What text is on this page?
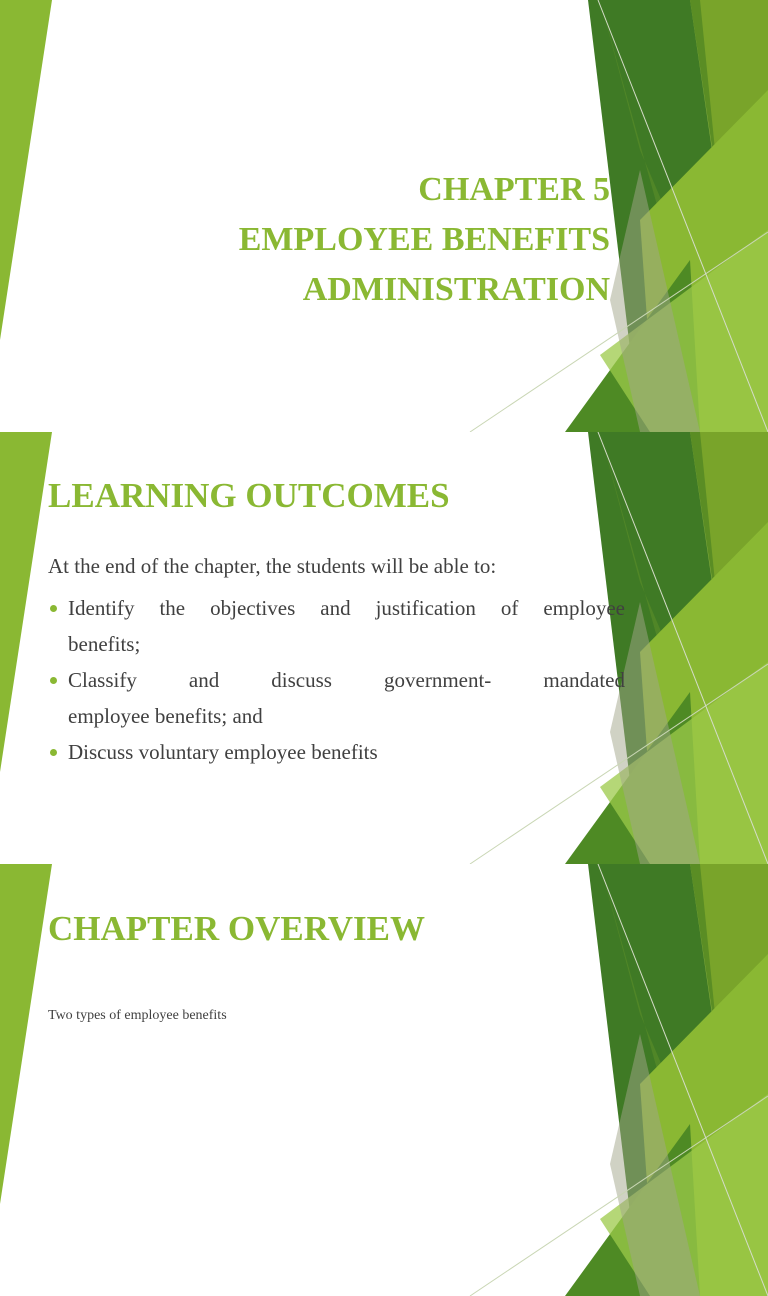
CHAPTER 5
EMPLOYEE BENEFITS
ADMINISTRATION
LEARNING OUTCOMES
At the end of the chapter, the students will be able to:
Identify the objectives and justification of employee
benefits;
Classify and discuss government- mandated
employee benefits; and
Discuss voluntary employee benefits
CHAPTER OVERVIEW
Two types of employee benefits
